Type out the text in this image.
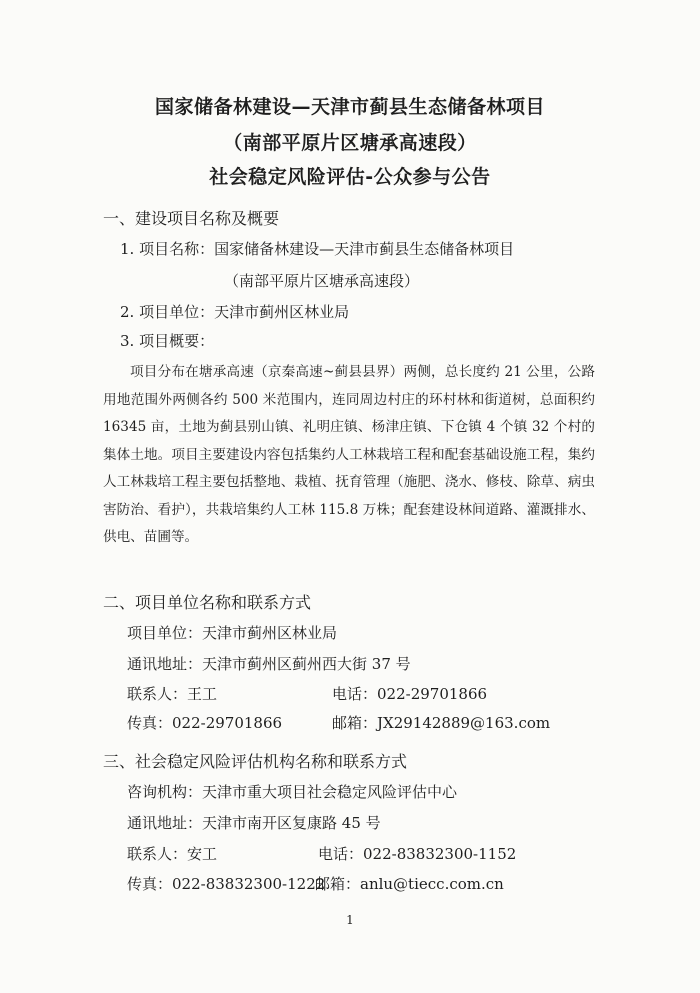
国家储备林建设—天津市蓟县生态储备林项目
（南部平原片区塘承高速段）
社会稳定风险评估-公众参与公告
一、建设项目名称及概要
1. 项目名称：国家储备林建设—天津市蓟县生态储备林项目
（南部平原片区塘承高速段）
2. 项目单位：天津市蓟州区林业局
3. 项目概要：
项目分布在塘承高速（京秦高速~蓟县县界）两侧，总长度约 21 公里，公路用地范围外两侧各约 500 米范围内，连同周边村庄的环村林和街道树，总面积约 16345 亩，土地为蓟县别山镇、礼明庄镇、杨津庄镇、下仓镇 4 个镇 32 个村的集体土地。项目主要建设内容包括集约人工林栽培工程和配套基础设施工程，集约人工林栽培工程主要包括整地、栽植、抚育管理（施肥、浇水、修枝、除草、病虫害防治、看护），共栽培集约人工林 115.8 万株；配套建设林间道路、灌溉排水、供电、苗圃等。
二、项目单位名称和联系方式
项目单位：天津市蓟州区林业局
通讯地址：天津市蓟州区蓟州西大街 37 号
联系人：王工	电话：022-29701866
传真：022-29701866	邮箱：JX29142889@163.com
三、社会稳定风险评估机构名称和联系方式
咨询机构：天津市重大项目社会稳定风险评估中心
通讯地址：天津市南开区复康路 45 号
联系人：安工	电话：022-83832300-1152
传真：022-83832300-1222
邮箱：anlu@tiecc.com.cn
1
